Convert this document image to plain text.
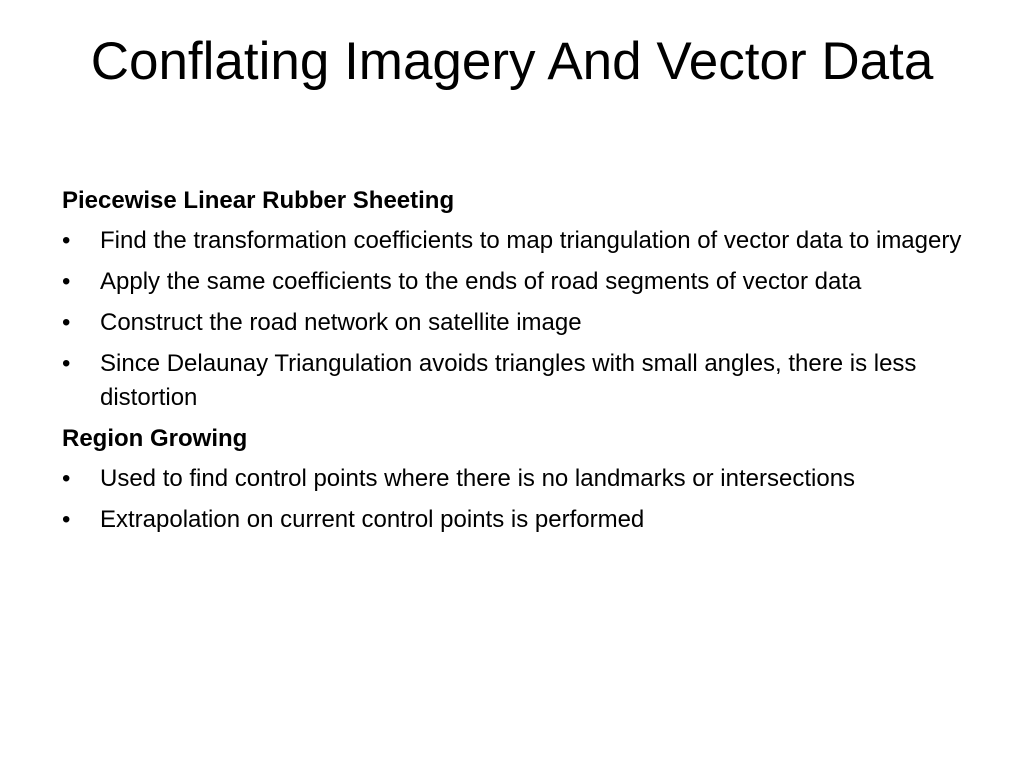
Conflating Imagery And Vector Data
Piecewise Linear Rubber Sheeting
•	Find the transformation coefficients to map triangulation of vector data to imagery
•	Apply the same coefficients to the ends of road segments of vector data
•	Construct the road network on satellite image
•	Since Delaunay Triangulation avoids triangles with small angles, there is less distortion
Region Growing
•	Used to find control points where there is no landmarks or intersections
•	Extrapolation on current control points is performed
